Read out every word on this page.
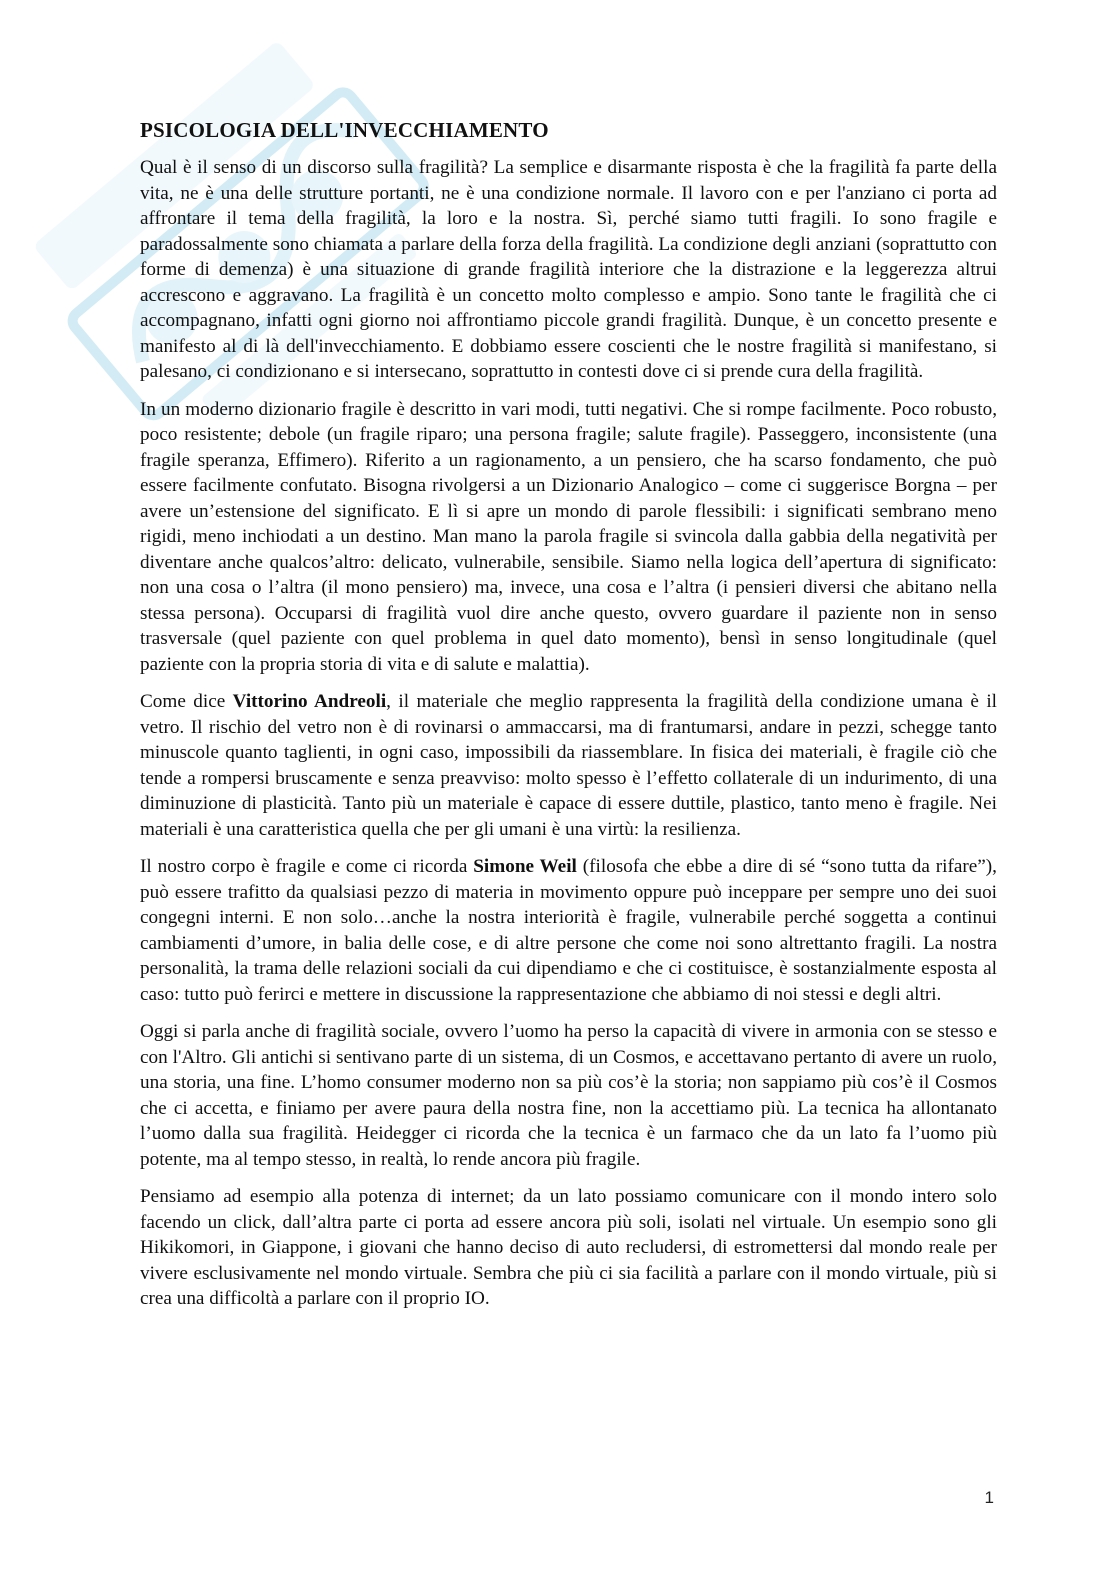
PSICOLOGIA DELL'INVECCHIAMENTO

Qual è il senso di un discorso sulla fragilità? La semplice e disarmante risposta è che la fragilità fa parte della vita, ne è una delle strutture portanti, ne è una condizione normale. Il lavoro con e per l'anziano ci porta ad affrontare il tema della fragilità, la loro e la nostra. Sì, perché siamo tutti fragili. Io sono fragile e paradossalmente sono chiamata a parlare della forza della fragilità. La condizione degli anziani (soprattutto con forme di demenza) è una situazione di grande fragilità interiore che la distrazione e la leggerezza altrui accrescono e aggravano. La fragilità è un concetto molto complesso e ampio. Sono tante le fragilità che ci accompagnano, infatti ogni giorno noi affrontiamo piccole grandi fragilità. Dunque, è un concetto presente e manifesto al di là dell'invecchiamento. E dobbiamo essere coscienti che le nostre fragilità si manifestano, si palesano, ci condizionano e si intersecano, soprattutto in contesti dove ci si prende cura della fragilità.

In un moderno dizionario fragile è descritto in vari modi, tutti negativi. Che si rompe facilmente. Poco robusto, poco resistente; debole (un fragile riparo; una persona fragile; salute fragile). Passeggero, inconsistente (una fragile speranza, Effimero). Riferito a un ragionamento, a un pensiero, che ha scarso fondamento, che può essere facilmente confutato. Bisogna rivolgersi a un Dizionario Analogico – come ci suggerisce Borgna – per avere un’estensione del significato. E lì si apre un mondo di parole flessibili: i significati sembrano meno rigidi, meno inchiodati a un destino. Man mano la parola fragile si svincola dalla gabbia della negatività per diventare anche qualcos’altro: delicato, vulnerabile, sensibile. Siamo nella logica dell’apertura di significato: non una cosa o l’altra (il mono pensiero) ma, invece, una cosa e l’altra (i pensieri diversi che abitano nella stessa persona). Occuparsi di fragilità vuol dire anche questo, ovvero guardare il paziente non in senso trasversale (quel paziente con quel problema in quel dato momento), bensì in senso longitudinale (quel paziente con la propria storia di vita e di salute e malattia).

Come dice Vittorino Andreoli, il materiale che meglio rappresenta la fragilità della condizione umana è il vetro. Il rischio del vetro non è di rovinarsi o ammaccarsi, ma di frantumarsi, andare in pezzi, schegge tanto minuscole quanto taglienti, in ogni caso, impossibili da riassemblare. In fisica dei materiali, è fragile ciò che tende a rompersi bruscamente e senza preavviso: molto spesso è l’effetto collaterale di un indurimento, di una diminuzione di plasticità. Tanto più un materiale è capace di essere duttile, plastico, tanto meno è fragile. Nei materiali è una caratteristica quella che per gli umani è una virtù: la resilienza.

Il nostro corpo è fragile e come ci ricorda Simone Weil (filosofa che ebbe a dire di sé “sono tutta da rifare”), può essere trafitto da qualsiasi pezzo di materia in movimento oppure può inceppare per sempre uno dei suoi congegni interni. E non solo…anche la nostra interiorità è fragile, vulnerabile perché soggetta a continui cambiamenti d’umore, in balia delle cose, e di altre persone che come noi sono altrettanto fragili. La nostra personalità, la trama delle relazioni sociali da cui dipendiamo e che ci costituisce, è sostanzialmente esposta al caso: tutto può ferirci e mettere in discussione la rappresentazione che abbiamo di noi stessi e degli altri.

Oggi si parla anche di fragilità sociale, ovvero l’uomo ha perso la capacità di vivere in armonia con se stesso e con l'Altro. Gli antichi si sentivano parte di un sistema, di un Cosmos, e accettavano pertanto di avere un ruolo, una storia, una fine. L’homo consumer moderno non sa più cos’è la storia; non sappiamo più cos’è il Cosmos che ci accetta, e finiamo per avere paura della nostra fine, non la accettiamo più. La tecnica ha allontanato l’uomo dalla sua fragilità. Heidegger ci ricorda che la tecnica è un farmaco che da un lato fa l’uomo più potente, ma al tempo stesso, in realtà, lo rende ancora più fragile.

Pensiamo ad esempio alla potenza di internet; da un lato possiamo comunicare con il mondo intero solo facendo un click, dall’altra parte ci porta ad essere ancora più soli, isolati nel virtuale. Un esempio sono gli Hikikomori, in Giappone, i giovani che hanno deciso di auto recludersi, di estromettersi dal mondo reale per vivere esclusivamente nel mondo virtuale. Sembra che più ci sia facilità a parlare con il mondo virtuale, più si crea una difficoltà a parlare con il proprio IO.

1
